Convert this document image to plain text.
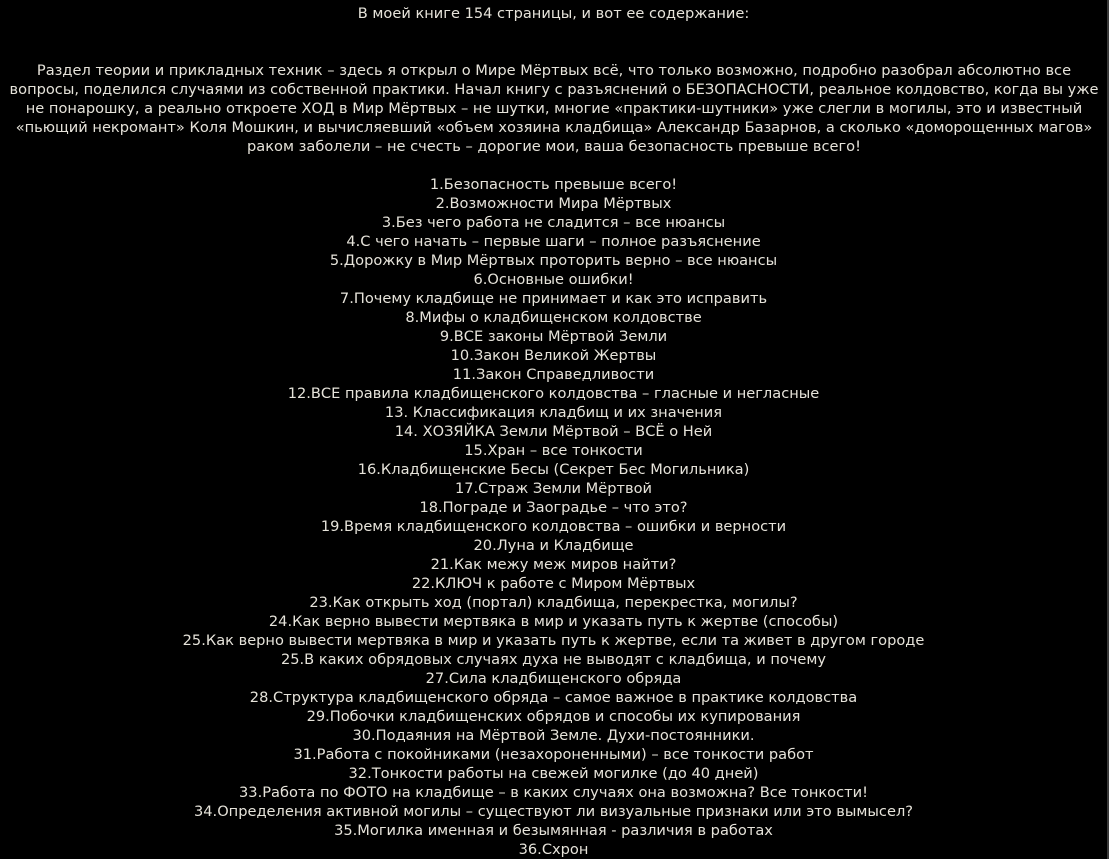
В моей книге 154 страницы, и вот ее содержание:

Раздел теории и прикладных техник – здесь я открыл о Мире Мёртвых всё, что только возможно, подробно разобрал абсолютно все вопросы, поделился случаями из собственной практики. Начал книгу с разъяснений о БЕЗОПАСНОСТИ, реальное колдовство, когда вы уже не понарошку, а реально откроете ХОД в Мир Мёртвых – не шутки, многие «практики-шутники» уже слегли в могилы, это и известный «пьющий некромант» Коля Мошкин, и вычисляевший «объем хозяина кладбища» Александр Базарнов, а сколько «доморощенных магов» раком заболели – не счесть – дорогие мои, ваша безопасность превыше всего!

1.Безопасность превыше всего!
2.Возможности Мира Мёртвых
3.Без чего работа не сладится – все нюансы
4.С чего начать – первые шаги – полное разъяснение
5.Дорожку в Мир Мёртвых проторить верно – все нюансы
6.Основные ошибки!
7.Почему кладбище не принимает и как это исправить
8.Мифы о кладбищенском колдовстве
9.ВСЕ законы Мёртвой Земли
10.Закон Великой Жертвы
11.Закон Справедливости
12.ВСЕ правила кладбищенского колдовства – гласные и негласные
13. Классификация кладбищ и их значения
14. ХОЗЯЙКА Земли Мёртвой – ВСЁ о Ней
15.Хран – все тонкости
16.Кладбищенские Бесы (Секрет Бес Могильника)
17.Страж Земли Мёртвой
18.Пограде и Заоградье – что это?
19.Время кладбищенского колдовства – ошибки и верности
20.Луна и Кладбище
21.Как межу меж миров найти?
22.КЛЮЧ к работе с Миром Мёртвых
23.Как открыть ход (портал) кладбища, перекрестка, могилы?
24.Как верно вывести мертвяка в мир и указать путь к жертве (способы)
25.Как верно вывести мертвяка в мир и указать путь к жертве, если та живет в другом городе
25.В каких обрядовых случаях духа не выводят с кладбища, и почему
27.Сила кладбищенского обряда
28.Структура кладбищенского обряда – самое важное в практике колдовства
29.Побочки кладбищенских обрядов и способы их купирования
30.Подаяния на Мёртвой Земле. Духи-постоянники.
31.Работа с покойниками (незахороненными) – все тонкости работ
32.Тонкости работы на свежей могилке (до 40 дней)
33.Работа по ФОТО на кладбище – в каких случаях она возможна? Все тонкости!
34.Определения активной могилы – существуют ли визуальные признаки или это вымысел?
35.Могилка именная и безымянная - различия в работах
36.Схрон
